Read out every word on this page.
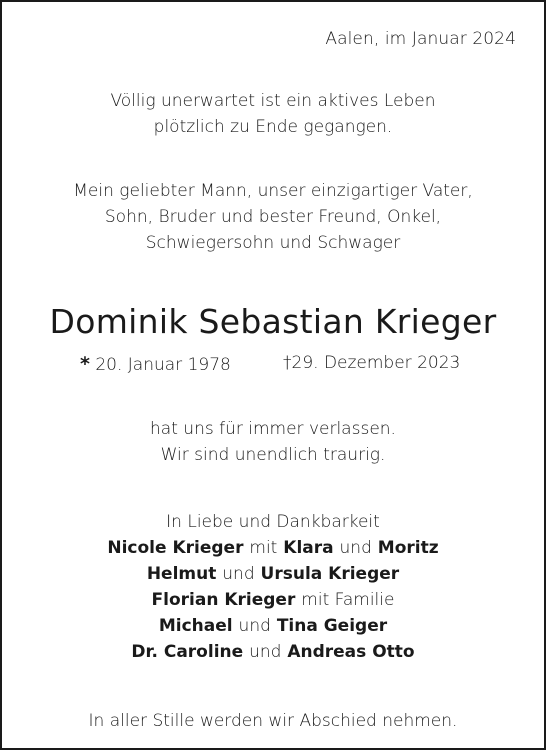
Aalen, im Januar 2024
Völlig unerwartet ist ein aktives Leben
plötzlich zu Ende gegangen.
Mein geliebter Mann, unser einzigartiger Vater,
Sohn, Bruder und bester Freund, Onkel,
Schwiegersohn und Schwager
Dominik Sebastian Krieger
* 20. Januar 1978	†29. Dezember 2023
hat uns für immer verlassen.
Wir sind unendlich traurig.
In Liebe und Dankbarkeit
Nicole Krieger mit Klara und Moritz
Helmut und Ursula Krieger
Florian Krieger mit Familie
Michael und Tina Geiger
Dr. Caroline und Andreas Otto
In aller Stille werden wir Abschied nehmen.
